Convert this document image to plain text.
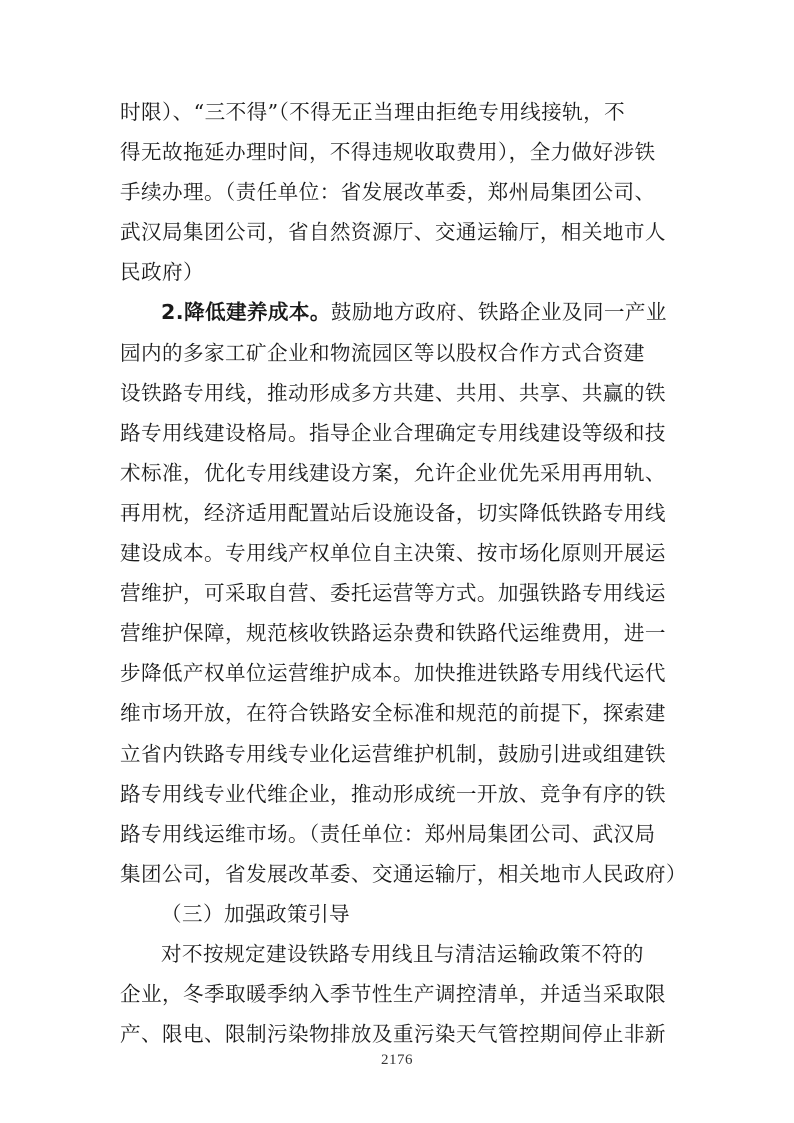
时限）、“三不得”（不得无正当理由拒绝专用线接轨，不
得无故拖延办理时间，不得违规收取费用），全力做好涉铁
手续办理。（责任单位：省发展改革委，郑州局集团公司、
武汉局集团公司，省自然资源厅、交通运输厅，相关地市人
民政府）
2.降低建养成本。鼓励地方政府、铁路企业及同一产业
园内的多家工矿企业和物流园区等以股权合作方式合资建
设铁路专用线，推动形成多方共建、共用、共享、共赢的铁
路专用线建设格局。指导企业合理确定专用线建设等级和技
术标准，优化专用线建设方案，允许企业优先采用再用轨、
再用枕，经济适用配置站后设施设备，切实降低铁路专用线
建设成本。专用线产权单位自主决策、按市场化原则开展运
营维护，可采取自营、委托运营等方式。加强铁路专用线运
营维护保障，规范核收铁路运杂费和铁路代运维费用，进一
步降低产权单位运营维护成本。加快推进铁路专用线代运代
维市场开放，在符合铁路安全标准和规范的前提下，探索建
立省内铁路专用线专业化运营维护机制，鼓励引进或组建铁
路专用线专业代维企业，推动形成统一开放、竞争有序的铁
路专用线运维市场。（责任单位：郑州局集团公司、武汉局
集团公司，省发展改革委、交通运输厅，相关地市人民政府）
（三）加强政策引导
对不按规定建设铁路专用线且与清洁运输政策不符的
企业，冬季取暖季纳入季节性生产调控清单，并适当采取限
产、限电、限制污染物排放及重污染天气管控期间停止非新
2176
